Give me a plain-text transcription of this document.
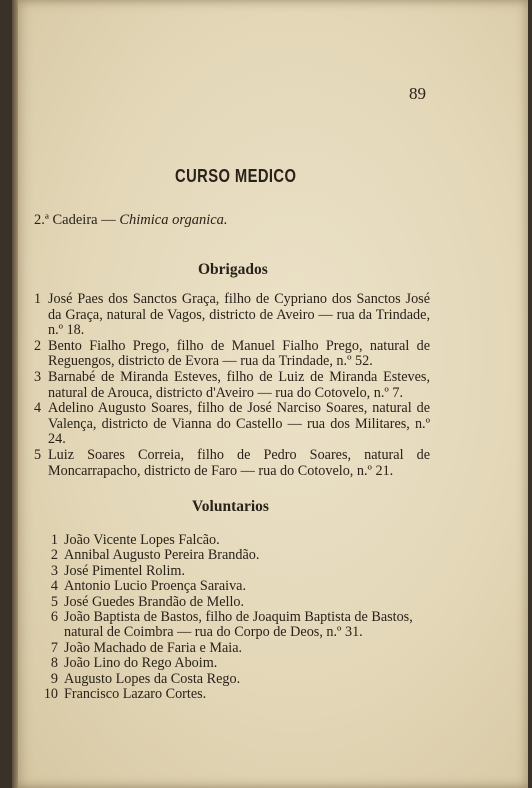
89
CURSO MEDICO
2.ª Cadeira — Chimica organica.
Obrigados
1 José Paes dos Sanctos Graça, filho de Cypriano dos Sanctos José da Graça, natural de Vagos, districto de Aveiro — rua da Trindade, n.º 18.
2 Bento Fialho Prego, filho de Manuel Fialho Prego, natural de Reguengos, districto de Evora — rua da Trindade, n.º 52.
3 Barnabé de Miranda Esteves, filho de Luiz de Miranda Esteves, natural de Arouca, districto d'Aveiro — rua do Cotovelo, n.º 7.
4 Adelino Augusto Soares, filho de José Narciso Soares, natural de Valença, districto de Vianna do Castello — rua dos Militares, n.º 24.
5 Luiz Soares Correia, filho de Pedro Soares, natural de Moncarrapacho, districto de Faro — rua do Cotovelo, n.º 21.
Voluntarios
1 João Vicente Lopes Falcão.
2 Annibal Augusto Pereira Brandão.
3 José Pimentel Rolim.
4 Antonio Lucio Proença Saraiva.
5 José Guedes Brandão de Mello.
6 João Baptista de Bastos, filho de Joaquim Baptista de Bastos, natural de Coimbra — rua do Corpo de Deos, n.º 31.
7 João Machado de Faria e Maia.
8 João Lino do Rego Aboim.
9 Augusto Lopes da Costa Rego.
10 Francisco Lazaro Cortes.
